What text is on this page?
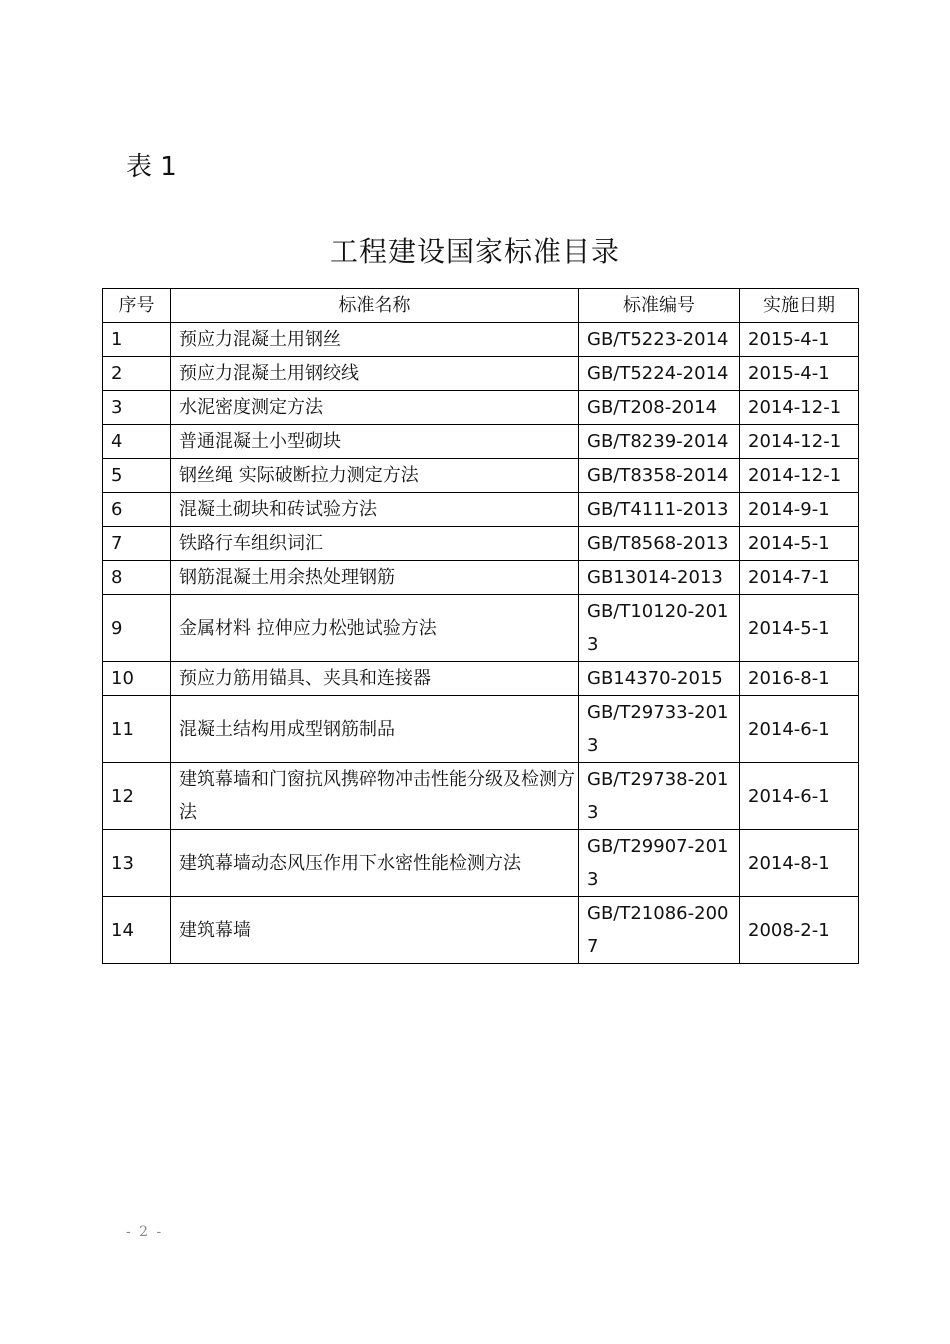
表 1
工程建设国家标准目录
序号	标准名称	标准编号	实施日期
1	预应力混凝土用钢丝	GB/T5223-2014	2015-4-1
2	预应力混凝土用钢绞线	GB/T5224-2014	2015-4-1
3	水泥密度测定方法	GB/T208-2014	2014-12-1
4	普通混凝土小型砌块	GB/T8239-2014	2014-12-1
5	钢丝绳 实际破断拉力测定方法	GB/T8358-2014	2014-12-1
6	混凝土砌块和砖试验方法	GB/T4111-2013	2014-9-1
7	铁路行车组织词汇	GB/T8568-2013	2014-5-1
8	钢筋混凝土用余热处理钢筋	GB13014-2013	2014-7-1
9	金属材料 拉伸应力松弛试验方法	GB/T10120-2013	2014-5-1
10	预应力筋用锚具、夹具和连接器	GB14370-2015	2016-8-1
11	混凝土结构用成型钢筋制品	GB/T29733-2013	2014-6-1
12	建筑幕墙和门窗抗风携碎物冲击性能分级及检测方法	GB/T29738-2013	2014-6-1
13	建筑幕墙动态风压作用下水密性能检测方法	GB/T29907-2013	2014-8-1
14	建筑幕墙	GB/T21086-2007	2008-2-1
- 2 -
